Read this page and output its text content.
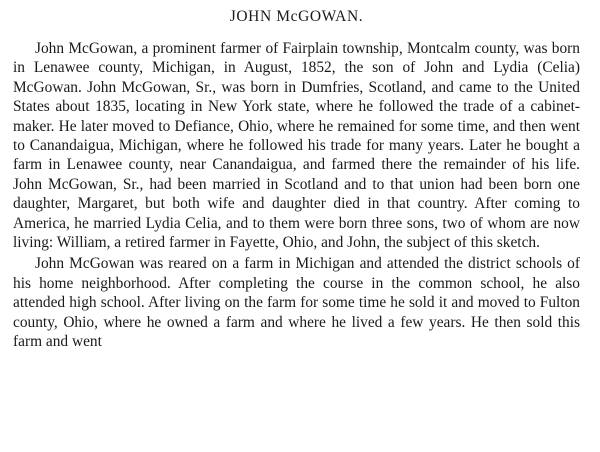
JOHN McGOWAN.

John McGowan, a prominent farmer of Fairplain township, Montcalm county, was born in Lenawee county, Michigan, in August, 1852, the son of John and Lydia (Celia) McGowan. John McGowan, Sr., was born in Dumfries, Scotland, and came to the United States about 1835, locating in New York state, where he followed the trade of a cabinet-maker. He later moved to Defiance, Ohio, where he remained for some time, and then went to Canandaigua, Michigan, where he followed his trade for many years. Later he bought a farm in Lenawee county, near Canandaigua, and farmed there the remainder of his life. John McGowan, Sr., had been married in Scotland and to that union had been born one daughter, Margaret, but both wife and daughter died in that country. After coming to America, he married Lydia Celia, and to them were born three sons, two of whom are now living: William, a retired farmer in Fayette, Ohio, and John, the subject of this sketch.

John McGowan was reared on a farm in Michigan and attended the district schools of his home neighborhood. After completing the course in the common school, he also attended high school. After living on the farm for some time he sold it and moved to Fulton county, Ohio, where he owned a farm and where he lived a few years. He then sold this farm and went
